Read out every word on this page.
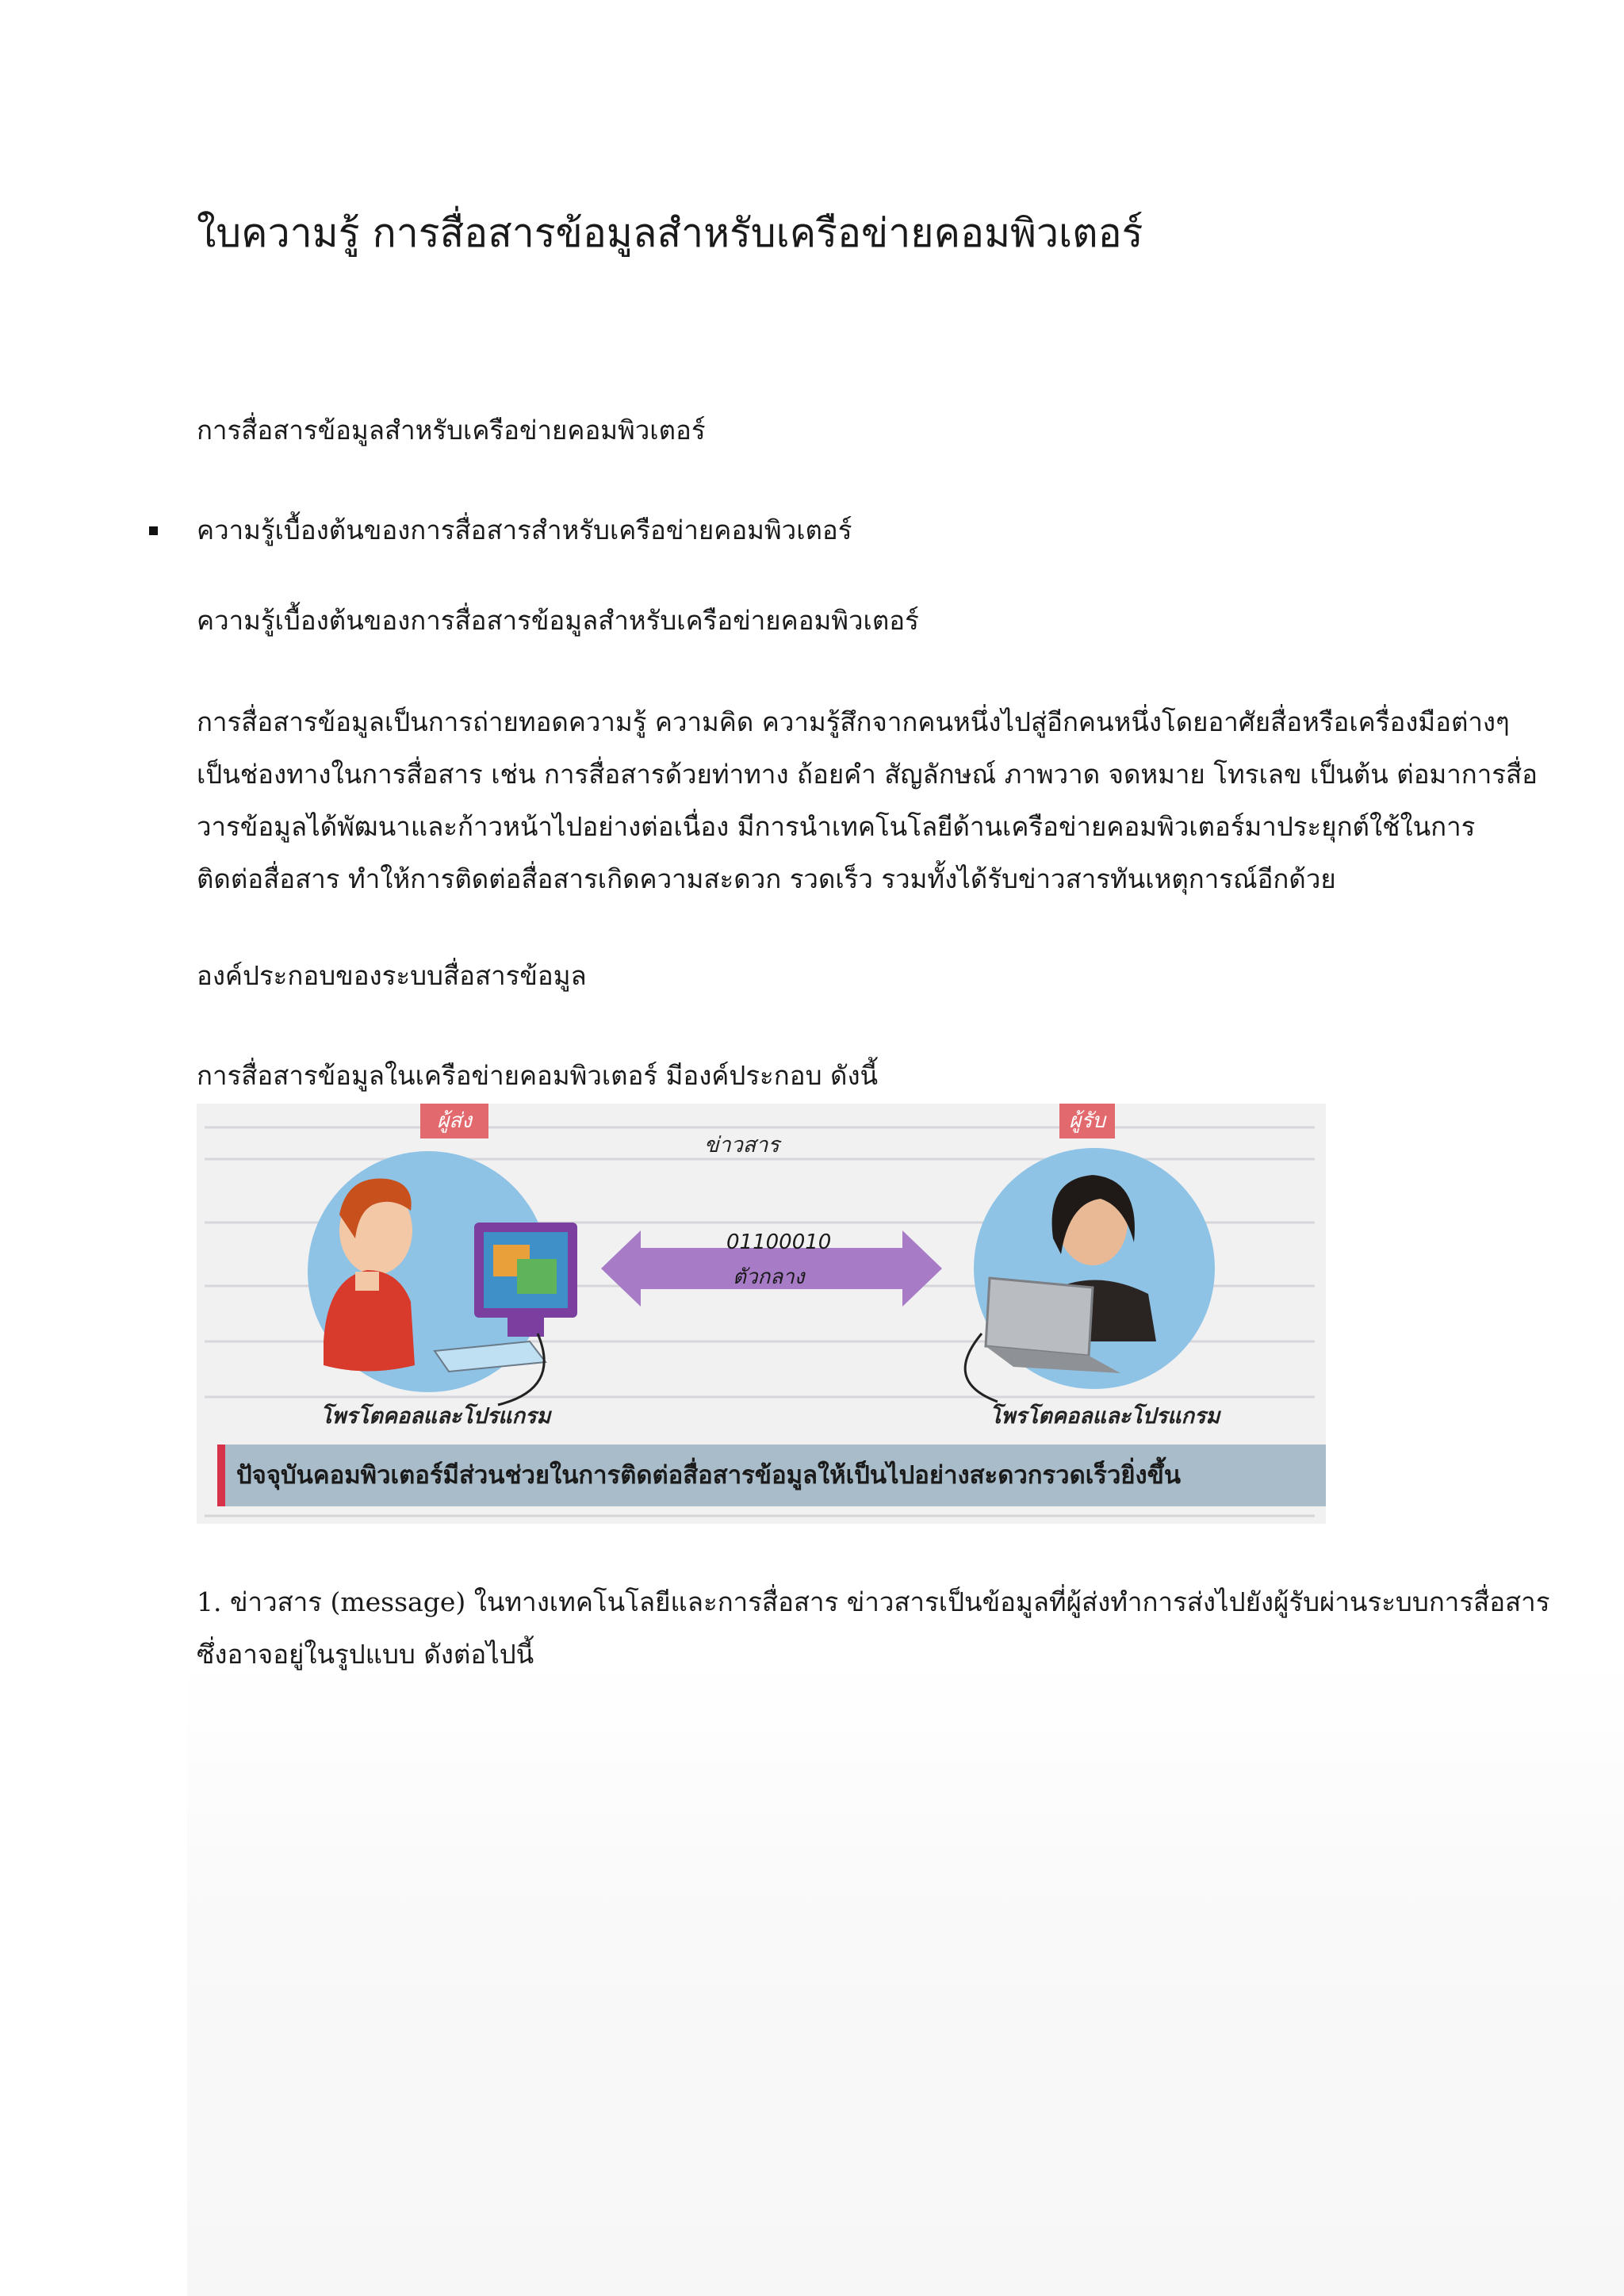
ใบความรู้ การสื่อสารข้อมูลสำหรับเครือข่ายคอมพิวเตอร์

การสื่อสารข้อมูลสำหรับเครือข่ายคอมพิวเตอร์

ความรู้เบื้องต้นของการสื่อสารสำหรับเครือข่ายคอมพิวเตอร์

ความรู้เบื้องต้นของการสื่อสารข้อมูลสำหรับเครือข่ายคอมพิวเตอร์

การสื่อสารข้อมูลเป็นการถ่ายทอดความรู้ ความคิด ความรู้สึกจากคนหนึ่งไปสู่อีกคนหนึ่งโดยอาศัยสื่อหรือเครื่องมือต่างๆ
เป็นช่องทางในการสื่อสาร เช่น การสื่อสารด้วยท่าทาง ถ้อยคำ สัญลักษณ์ ภาพวาด จดหมาย โทรเลข เป็นต้น ต่อมาการสื่อ
วารข้อมูลได้พัฒนาและก้าวหน้าไปอย่างต่อเนื่อง มีการนำเทคโนโลยีด้านเครือข่ายคอมพิวเตอร์มาประยุกต์ใช้ในการ
ติดต่อสื่อสาร ทำให้การติดต่อสื่อสารเกิดความสะดวก รวดเร็ว รวมทั้งได้รับข่าวสารทันเหตุการณ์อีกด้วย

องค์ประกอบของระบบสื่อสารข้อมูล

การสื่อสารข้อมูลในเครือข่ายคอมพิวเตอร์ มีองค์ประกอบ ดังนี้

ผู้ส่ง	ผู้รับ
ข่าวสาร
01100010
ตัวกลาง
โพรโตคอลและโปรแกรม	โพรโตคอลและโปรแกรม
ปัจจุบันคอมพิวเตอร์มีส่วนช่วยในการติดต่อสื่อสารข้อมูลให้เป็นไปอย่างสะดวกรวดเร็วยิ่งขึ้น

1. ข่าวสาร (message) ในทางเทคโนโลยีและการสื่อสาร ข่าวสารเป็นข้อมูลที่ผู้ส่งทำการส่งไปยังผู้รับผ่านระบบการสื่อสาร
ซึ่งอาจอยู่ในรูปแบบ ดังต่อไปนี้
